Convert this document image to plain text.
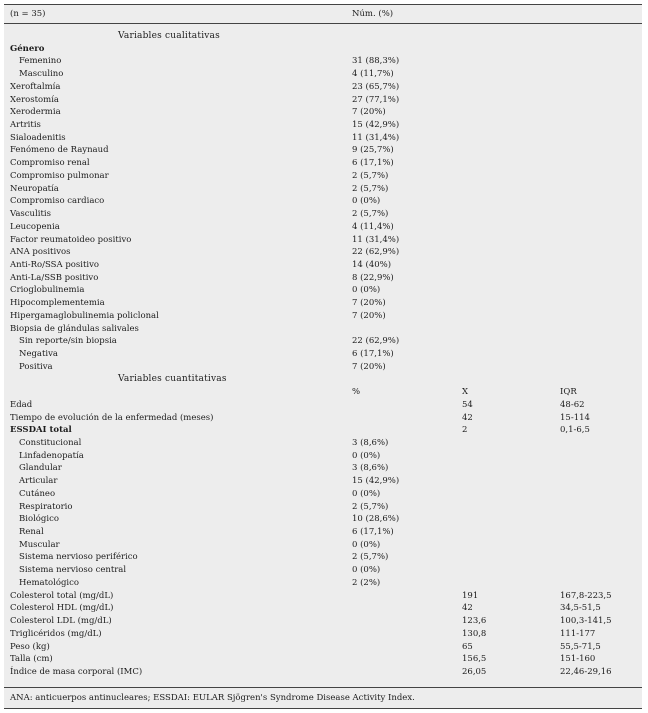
(n = 35)	Núm. (%)
Variables cualitativas
Género
Femenino	31 (88,3%)
Masculino	4 (11,7%)
Xeroftalmía	23 (65,7%)
Xerostomía	27 (77,1%)
Xerodermia	7 (20%)
Artritis	15 (42,9%)
Sialoadenitis	11 (31,4%)
Fenómeno de Raynaud	9 (25,7%)
Compromiso renal	6 (17,1%)
Compromiso pulmonar	2 (5,7%)
Neuropatía	2 (5,7%)
Compromiso cardiaco	0 (0%)
Vasculitis	2 (5,7%)
Leucopenia	4 (11,4%)
Factor reumatoideo positivo	11 (31,4%)
ANA positivos	22 (62,9%)
Anti-Ro/SSA positivo	14 (40%)
Anti-La/SSB positivo	8 (22,9%)
Crioglobulinemia	0 (0%)
Hipocomplementemia	7 (20%)
Hipergamaglobulinemia policlonal	7 (20%)
Biopsia de glándulas salivales
Sin reporte/sin biopsia	22 (62,9%)
Negativa	6 (17,1%)
Positiva	7 (20%)
Variables cuantitativas
%	X	IQR
Edad	54	48-62
Tiempo de evolución de la enfermedad (meses)	42	15-114
ESSDAI total	2	0,1-6,5
Constitucional	3 (8,6%)
Linfadenopatía	0 (0%)
Glandular	3 (8,6%)
Articular	15 (42,9%)
Cutáneo	0 (0%)
Respiratorio	2 (5,7%)
Biológico	10 (28,6%)
Renal	6 (17,1%)
Muscular	0 (0%)
Sistema nervioso periférico	2 (5,7%)
Sistema nervioso central	0 (0%)
Hematológico	2 (2%)
Colesterol total (mg/dL)	191	167,8-223,5
Colesterol HDL (mg/dL)	42	34,5-51,5
Colesterol LDL (mg/dL)	123,6	100,3-141,5
Triglicéridos (mg/dL)	130,8	111-177
Peso (kg)	65	55,5-71,5
Talla (cm)	156,5	151-160
Índice de masa corporal (IMC)	26,05	22,46-29,16
ANA: anticuerpos antinucleares; ESSDAI: EULAR Sjögren's Syndrome Disease Activity Index.
